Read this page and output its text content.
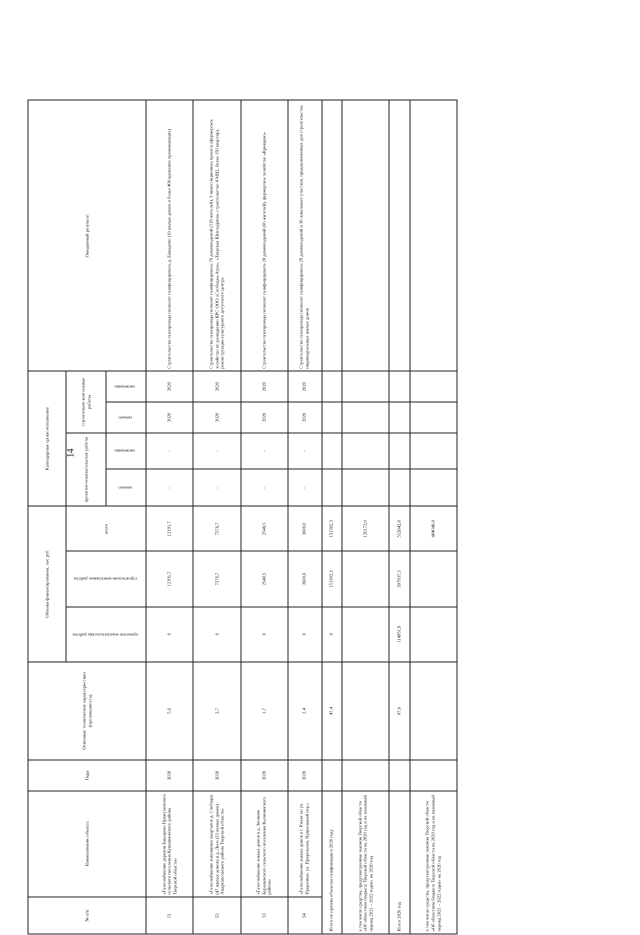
14
№ п/п	Наименование объекта	Годы	Основные технические характеристики (протяженность)	Объемы финансирования, тыс руб			Календарные сроки исполнения				Ожидаемый результат
				проектно-изыскательские работы	строительно-монтажные работы	всего	проектно-изыскательские работы		строительно-монтажные работы		
							начало	окончание	начало	окончание	
51	«Газоснабжение деревни Башарово Прямухинского сельского поселения Кувшиновского района Тверской области»	2020	5,6	0	12191,7	12191,7	-	-	2020	2020	Строительство газопровода позволит газифицировать д. Башарово (10 жилых домов и более 400 временно проживающих)
52	«Газоснабжение жилищных кварталов д. Слободка (47 жилых домов) и д. Леси (23 жилых домов) Андреапольского района Тверской области»	2020	2,7	0	7276,7	7276,7	-	-	2020	2020	Строительство газопровода позволит газифицировать 70 домовладений (118 жителей), 3 инвестиционных проекта (фермерское хозяйство по разведению КРС ООО «Слободка-Агро», «Тверская Шевтадрина» строительство 4 МВ2, более 150 квартир), реконструкция культурного досугового центра
53	«Газоснабжение жилых домов в д. Звонино Бурашевского сельского поселения Калининского района»	2020	1,7	0	2548,5	2548,5	-	-	2020	2020	Строительство газопровода позволит газифицировать 28 домовладений (66 жителей), фермерское хозяйство «Кривцево»
54	«Газоснабжение жилых домов в г. Ржеве по ул. Приречная, ул. Прирельная, Прирельный пер.»	2020	2,4	0	3600,0	3600,0	-	-	2020	2020	Строительство газопровода позволит газифицировать 29 домовладений и 30 земельных участков, предназначенных для строительства индивидуальных жилых домов
Итого по прочим объектам газификации в 2020 году			47,4	0	151302,3	151302,3					
в том числе средства, предусмотренные законом Тверской области «Об областном бюджете Тверской области на 2020 год и на плановый период 2021 – 2022 годов» на 2020 год						126172,0					
Итого 2020 год			87,0	114951,9	397937,3	512842,8					
в том числе средства, предусмотренные законом Тверской области «Об областном бюджете Тверской области на 2020 год и на плановый период 2021 – 2022 годов» на 2020 год						404648,8					
